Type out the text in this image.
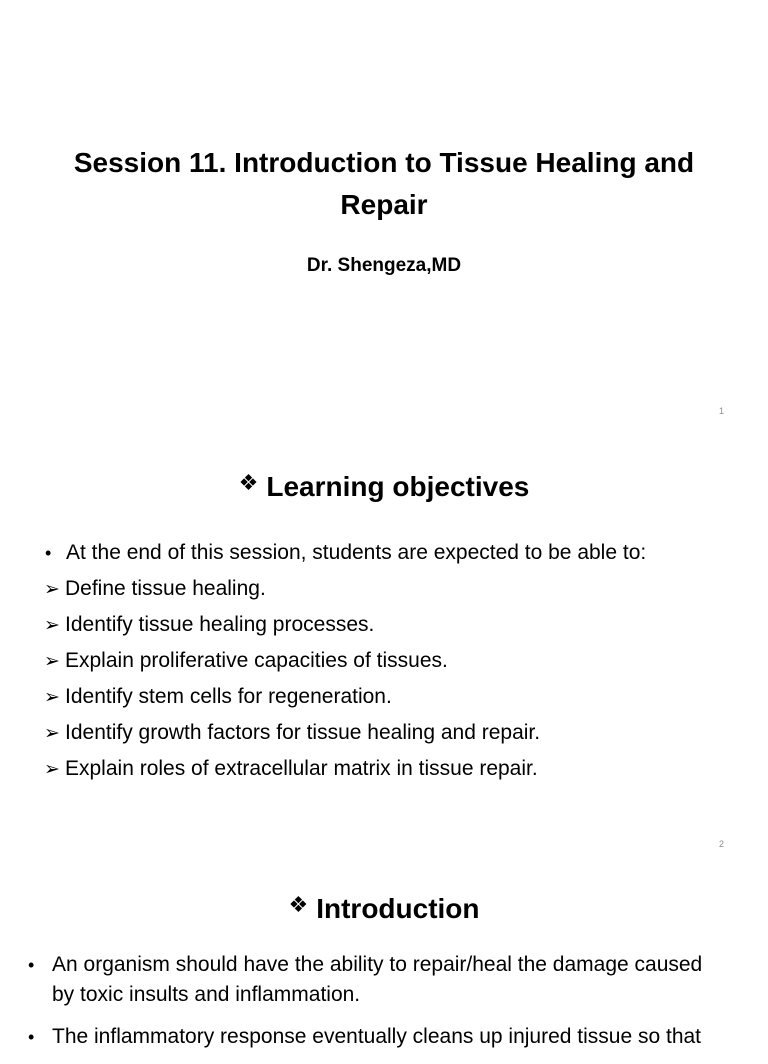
Session 11. Introduction to Tissue Healing and Repair
Dr. Shengeza,MD
1
❖ Learning objectives
• At the end of this session, students are expected to be able to:
➢ Define tissue healing.
➢ Identify tissue healing processes.
➢ Explain proliferative capacities of tissues.
➢ Identify stem cells for regeneration.
➢ Identify growth factors for tissue healing and repair.
➢ Explain roles of extracellular matrix in tissue repair.
2
❖ Introduction
• An organism should have the ability to repair/heal the damage caused by toxic insults and inflammation.
• The inflammatory response eventually cleans up injured tissue so that
